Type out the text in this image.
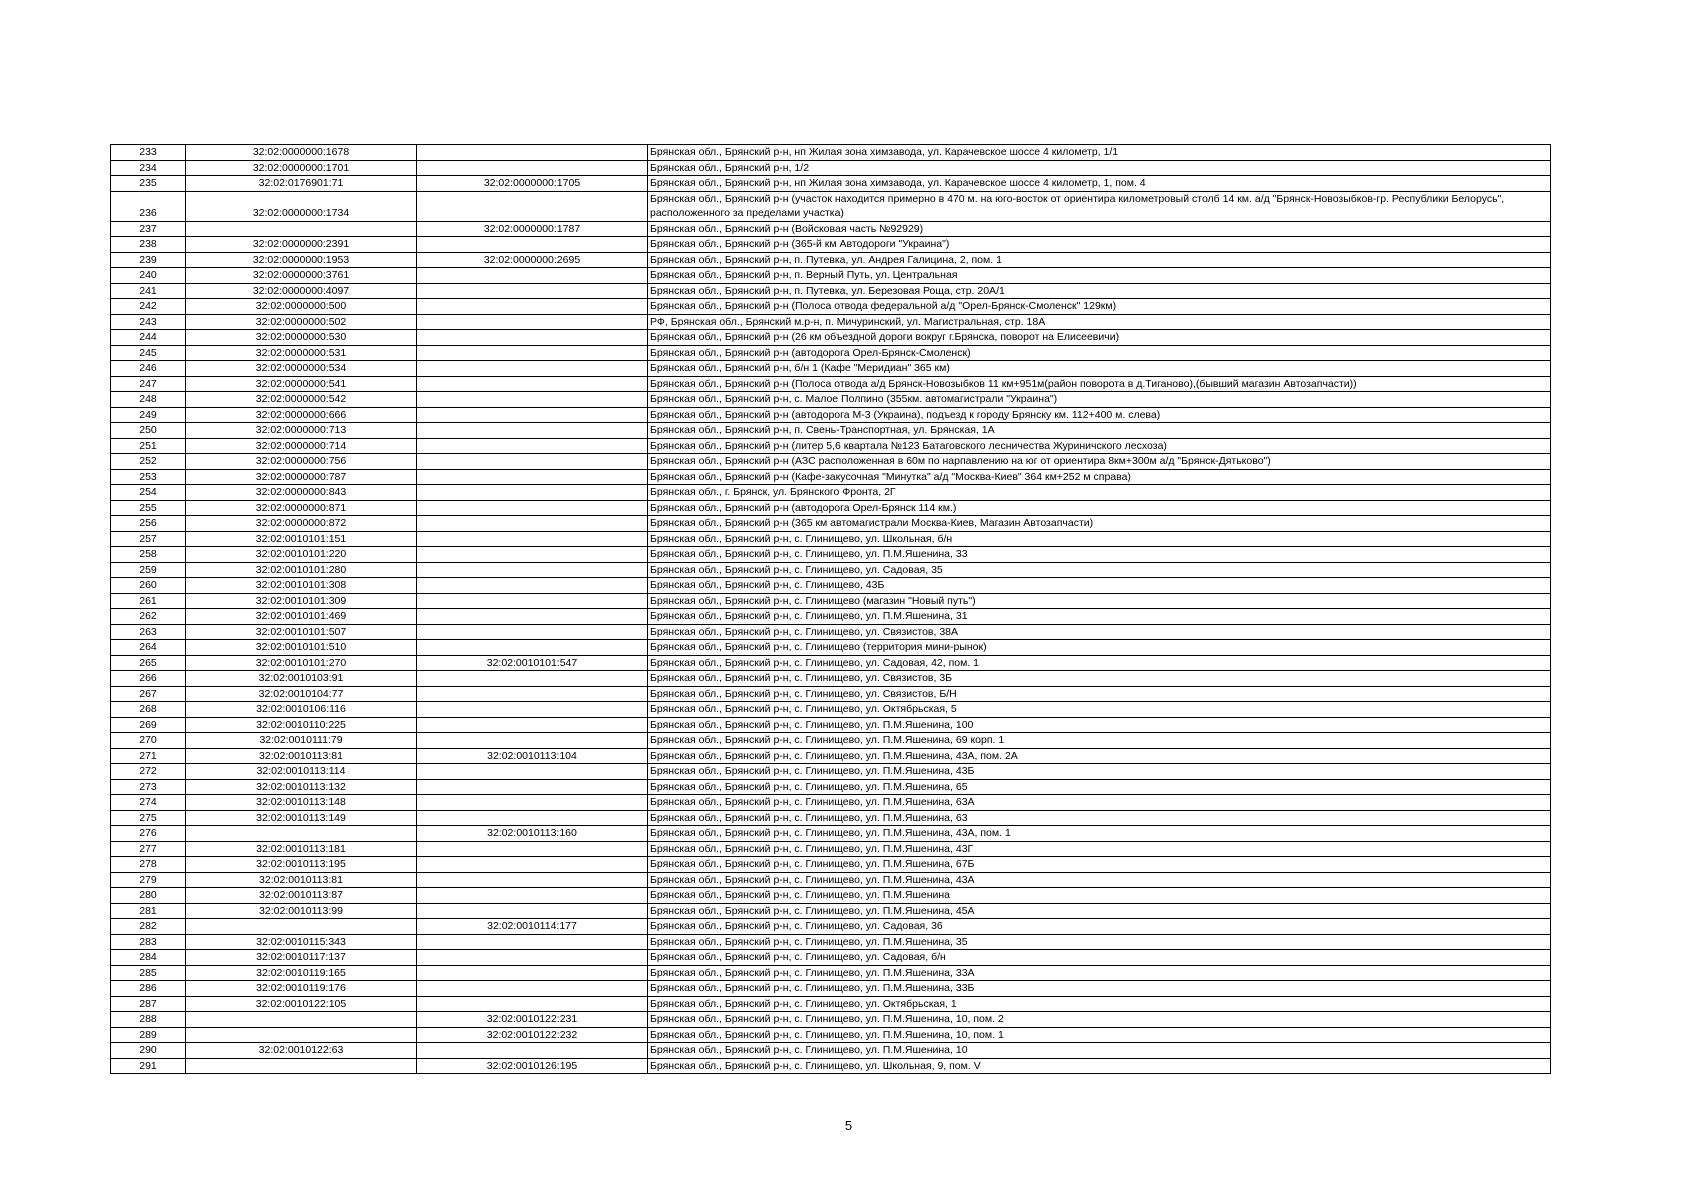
233	32:02:0000000:1678		Брянская обл., Брянский р-н, нп Жилая зона химзавода, ул. Карачевское шоссе 4 километр, 1/1
234	32:02:0000000:1701		Брянская обл., Брянский р-н, 1/2
235	32:02:0176901:71	32:02:0000000:1705	Брянская обл., Брянский р-н, нп Жилая зона химзавода, ул. Карачевское шоссе 4 километр, 1, пом. 4
236	32:02:0000000:1734		Брянская обл., Брянский р-н (участок находится примерно в 470 м. на юго-восток от ориентира километровый столб 14 км. а/д "Брянск-Новозыбков-гр. Республики Белорусь", расположенного за пределами участка)
237		32:02:0000000:1787	Брянская обл., Брянский р-н (Войсковая часть №92929)
238	32:02:0000000:2391		Брянская обл., Брянский р-н (365-й км Автодороги "Украина")
239	32:02:0000000:1953	32:02:0000000:2695	Брянская обл., Брянский р-н, п. Путевка, ул. Андрея Галицина, 2, пом. 1
240	32:02:0000000:3761		Брянская обл., Брянский р-н, п. Верный Путь, ул. Центральная
241	32:02:0000000:4097		Брянская обл., Брянский р-н, п. Путевка, ул. Березовая Роща, стр. 20А/1
242	32:02:0000000:500		Брянская обл., Брянский р-н (Полоса отвода федеральной а/д "Орел-Брянск-Смоленск" 129км)
243	32:02:0000000:502		РФ, Брянская обл., Брянский м.р-н, п. Мичуринский, ул. Магистральная, стр. 18А
244	32:02:0000000:530		Брянская обл., Брянский р-н (26 км объездной дороги вокруг г.Брянска, поворот на Елисеевичи)
245	32:02:0000000:531		Брянская обл., Брянский р-н (автодорога Орел-Брянск-Смоленск)
246	32:02:0000000:534		Брянская обл., Брянский р-н, б/н 1 (Кафе "Меридиан" 365 км)
247	32:02:0000000:541		Брянская обл., Брянский р-н (Полоса отвода а/д Брянск-Новозыбков 11 км+951м(район поворота в д.Тиганово),(бывший магазин Автозапчасти))
248	32:02:0000000:542		Брянская обл., Брянский р-н, с. Малое Полпино (355км. автомагистрали "Украина")
249	32:02:0000000:666		Брянская обл., Брянский р-н (автодорога М-3 (Украина), подъезд к городу Брянску км. 112+400 м. слева)
250	32:02:0000000:713		Брянская обл., Брянский р-н, п. Свень-Транспортная, ул. Брянская, 1А
251	32:02:0000000:714		Брянская обл., Брянский р-н (литер 5,6 квартала №123 Батаговского лесничества Журиничского лесхоза)
252	32:02:0000000:756		Брянская обл., Брянский р-н (АЗС расположенная в 60м по нарпавлению на юг от ориентира 8км+300м а/д "Брянск-Дятьково")
253	32:02:0000000:787		Брянская обл., Брянский р-н (Кафе-закусочная "Минутка" а/д "Москва-Киев" 364 км+252 м справа)
254	32:02:0000000:843		Брянская обл., г. Брянск, ул. Брянского Фронта, 2Г
255	32:02:0000000:871		Брянская обл., Брянский р-н (автодорога Орел-Брянск 114 км.)
256	32:02:0000000:872		Брянская обл., Брянский р-н (365 км автомагистрали Москва-Киев, Магазин Автозапчасти)
257	32:02:0010101:151		Брянская обл., Брянский р-н, с. Глинищево, ул. Школьная, б/н
258	32:02:0010101:220		Брянская обл., Брянский р-н, с. Глинищево, ул. П.М.Яшенина, 33
259	32:02:0010101:280		Брянская обл., Брянский р-н, с. Глинищево, ул. Садовая, 35
260	32:02:0010101:308		Брянская обл., Брянский р-н, с. Глинищево, 43Б
261	32:02:0010101:309		Брянская обл., Брянский р-н, с. Глинищево (магазин "Новый путь")
262	32:02:0010101:469		Брянская обл., Брянский р-н, с. Глинищево, ул. П.М.Яшенина, 31
263	32:02:0010101:507		Брянская обл., Брянский р-н, с. Глинищево, ул. Связистов, 38А
264	32:02:0010101:510		Брянская обл., Брянский р-н, с. Глинищево (территория мини-рынок)
265	32:02:0010101:270	32:02:0010101:547	Брянская обл., Брянский р-н, с. Глинищево, ул. Садовая, 42, пом. 1
266	32:02:0010103:91		Брянская обл., Брянский р-н, с. Глинищево, ул. Связистов, 3Б
267	32:02:0010104:77		Брянская обл., Брянский р-н, с. Глинищево, ул. Связистов, Б/Н
268	32:02:0010106:116		Брянская обл., Брянский р-н, с. Глинищево, ул. Октябрьская, 5
269	32:02:0010110:225		Брянская обл., Брянский р-н, с. Глинищево, ул. П.М.Яшенина, 100
270	32:02:0010111:79		Брянская обл., Брянский р-н, с. Глинищево, ул. П.М.Яшенина, 69 корп. 1
271	32:02:0010113:81	32:02:0010113:104	Брянская обл., Брянский р-н, с. Глинищево, ул. П.М.Яшенина, 43А, пом. 2А
272	32:02:0010113:114		Брянская обл., Брянский р-н, с. Глинищево, ул. П.М.Яшенина, 43Б
273	32:02:0010113:132		Брянская обл., Брянский р-н, с. Глинищево, ул. П.М.Яшенина, 65
274	32:02:0010113:148		Брянская обл., Брянский р-н, с. Глинищево, ул. П.М.Яшенина, 63А
275	32:02:0010113:149		Брянская обл., Брянский р-н, с. Глинищево, ул. П.М.Яшенина, 63
276		32:02:0010113:160	Брянская обл., Брянский р-н, с. Глинищево, ул. П.М.Яшенина, 43А, пом. 1
277	32:02:0010113:181		Брянская обл., Брянский р-н, с. Глинищево, ул. П.М.Яшенина, 43Г
278	32:02:0010113:195		Брянская обл., Брянский р-н, с. Глинищево, ул. П.М.Яшенина, 67Б
279	32:02:0010113:81		Брянская обл., Брянский р-н, с. Глинищево, ул. П.М.Яшенина, 43А
280	32:02:0010113:87		Брянская обл., Брянский р-н, с. Глинищево, ул. П.М.Яшенина
281	32:02:0010113:99		Брянская обл., Брянский р-н, с. Глинищево, ул. П.М.Яшенина, 45А
282		32:02:0010114:177	Брянская обл., Брянский р-н, с. Глинищево, ул. Садовая, 36
283	32:02:0010115:343		Брянская обл., Брянский р-н, с. Глинищево, ул. П.М.Яшенина, 35
284	32:02:0010117:137		Брянская обл., Брянский р-н, с. Глинищево, ул. Садовая, б/н
285	32:02:0010119:165		Брянская обл., Брянский р-н, с. Глинищево, ул. П.М.Яшенина, 33А
286	32:02:0010119:176		Брянская обл., Брянский р-н, с. Глинищево, ул. П.М.Яшенина, 33Б
287	32:02:0010122:105		Брянская обл., Брянский р-н, с. Глинищево, ул. Октябрьская, 1
288		32:02:0010122:231	Брянская обл., Брянский р-н, с. Глинищево, ул. П.М.Яшенина, 10, пом. 2
289		32:02:0010122:232	Брянская обл., Брянский р-н, с. Глинищево, ул. П.М.Яшенина, 10, пом. 1
290	32:02:0010122:63		Брянская обл., Брянский р-н, с. Глинищево, ул. П.М.Яшенина, 10
291		32:02:0010126:195	Брянская обл., Брянский р-н, с. Глинищево, ул. Школьная, 9, пом. V
5
